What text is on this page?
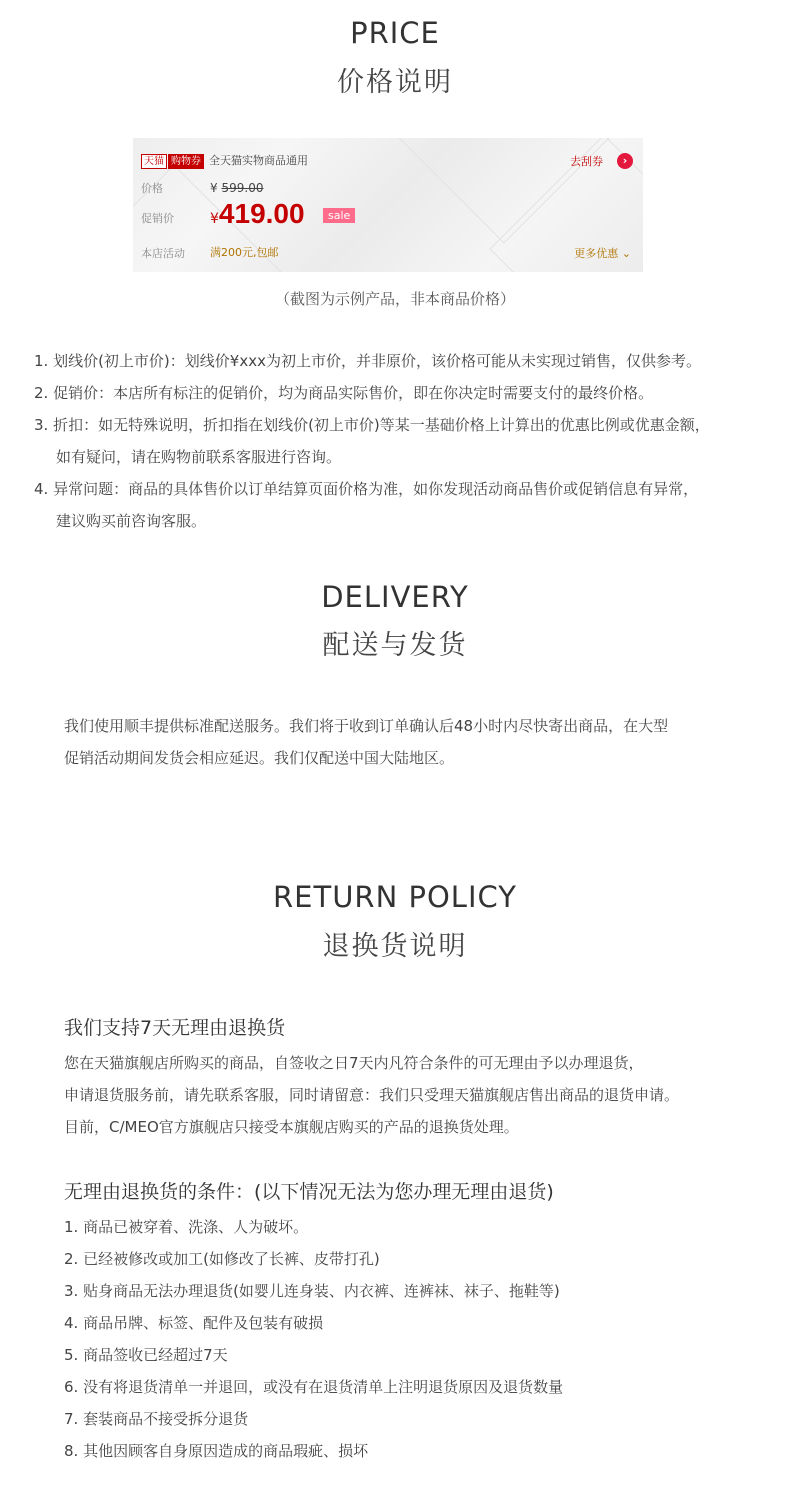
PRICE
价格说明
天猫 购物券 全天猫实物商品通用	去刮券	›
价格	¥ 599.00
促销价	¥419.00	sale
本店活动 满200元,包邮	更多优惠 ⌄
（截图为示例产品，非本商品价格）
1. 划线价(初上市价)：划线价¥xxx为初上市价，并非原价，该价格可能从未实现过销售，仅供参考。
2. 促销价：本店所有标注的促销价，均为商品实际售价，即在你决定时需要支付的最终价格。
3. 折扣：如无特殊说明，折扣指在划线价(初上市价)等某一基础价格上计算出的优惠比例或优惠金额，
如有疑问，请在购物前联系客服进行咨询。
4. 异常问题：商品的具体售价以订单结算页面价格为准，如你发现活动商品售价或促销信息有异常，
建议购买前咨询客服。
DELIVERY
配送与发货
我们使用顺丰提供标准配送服务。我们将于收到订单确认后48小时内尽快寄出商品，在大型
促销活动期间发货会相应延迟。我们仅配送中国大陆地区。
RETURN POLICY
退换货说明
我们支持7天无理由退换货
您在天猫旗舰店所购买的商品，自签收之日7天内凡符合条件的可无理由予以办理退货，
申请退货服务前，请先联系客服，同时请留意：我们只受理天猫旗舰店售出商品的退货申请。
目前，C/MEO官方旗舰店只接受本旗舰店购买的产品的退换货处理。
无理由退换货的条件：(以下情况无法为您办理无理由退货)
1. 商品已被穿着、洗涤、人为破坏。
2. 已经被修改或加工(如修改了长裤、皮带打孔)
3. 贴身商品无法办理退货(如婴儿连身装、内衣裤、连裤袜、袜子、拖鞋等)
4. 商品吊牌、标签、配件及包装有破损
5. 商品签收已经超过7天
6. 没有将退货清单一并退回，或没有在退货清单上注明退货原因及退货数量
7. 套装商品不接受拆分退货
8. 其他因顾客自身原因造成的商品瑕疵、损坏
